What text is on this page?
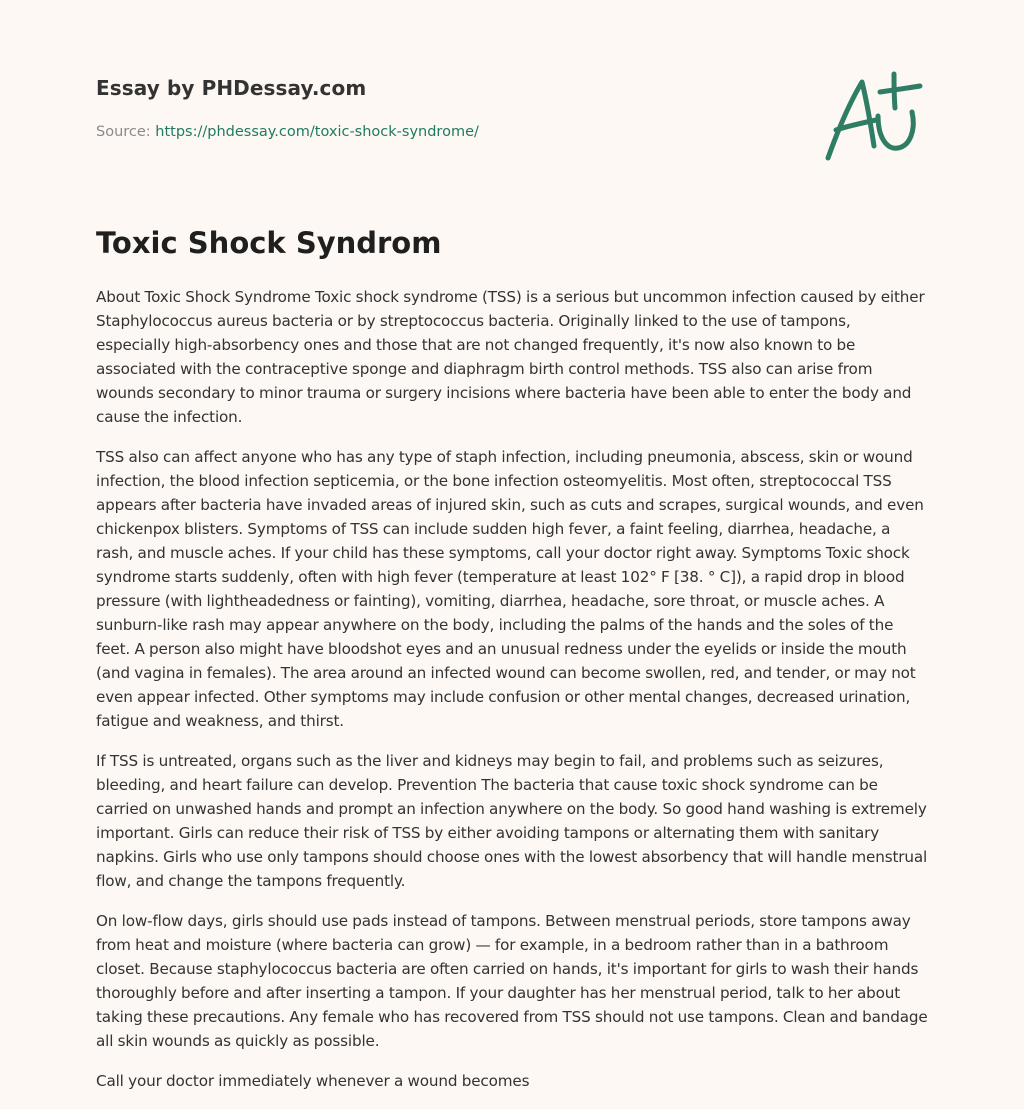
Essay by PHDessay.com
Source: https://phdessay.com/toxic-shock-syndrome/
Toxic Shock Syndrom

About Toxic Shock Syndrome Toxic shock syndrome (TSS) is a serious but uncommon infection caused by either Staphylococcus aureus bacteria or by streptococcus bacteria. Originally linked to the use of tampons, especially high-absorbency ones and those that are not changed frequently, it's now also known to be associated with the contraceptive sponge and diaphragm birth control methods. TSS also can arise from wounds secondary to minor trauma or surgery incisions where bacteria have been able to enter the body and cause the infection.

TSS also can affect anyone who has any type of staph infection, including pneumonia, abscess, skin or wound infection, the blood infection septicemia, or the bone infection osteomyelitis. Most often, streptococcal TSS appears after bacteria have invaded areas of injured skin, such as cuts and scrapes, surgical wounds, and even chickenpox blisters. Symptoms of TSS can include sudden high fever, a faint feeling, diarrhea, headache, a rash, and muscle aches. If your child has these symptoms, call your doctor right away. Symptoms Toxic shock syndrome starts suddenly, often with high fever (temperature at least 102° F [38. ° C]), a rapid drop in blood pressure (with lightheadedness or fainting), vomiting, diarrhea, headache, sore throat, or muscle aches. A sunburn-like rash may appear anywhere on the body, including the palms of the hands and the soles of the feet. A person also might have bloodshot eyes and an unusual redness under the eyelids or inside the mouth (and vagina in females). The area around an infected wound can become swollen, red, and tender, or may not even appear infected. Other symptoms may include confusion or other mental changes, decreased urination, fatigue and weakness, and thirst.

If TSS is untreated, organs such as the liver and kidneys may begin to fail, and problems such as seizures, bleeding, and heart failure can develop. Prevention The bacteria that cause toxic shock syndrome can be carried on unwashed hands and prompt an infection anywhere on the body. So good hand washing is extremely important. Girls can reduce their risk of TSS by either avoiding tampons or alternating them with sanitary napkins. Girls who use only tampons should choose ones with the lowest absorbency that will handle menstrual flow, and change the tampons frequently.

On low-flow days, girls should use pads instead of tampons. Between menstrual periods, store tampons away from heat and moisture (where bacteria can grow) — for example, in a bedroom rather than in a bathroom closet. Because staphylococcus bacteria are often carried on hands, it's important for girls to wash their hands thoroughly before and after inserting a tampon. If your daughter has her menstrual period, talk to her about taking these precautions. Any female who has recovered from TSS should not use tampons. Clean and bandage all skin wounds as quickly as possible.

Call your doctor immediately whenever a wound becomes
